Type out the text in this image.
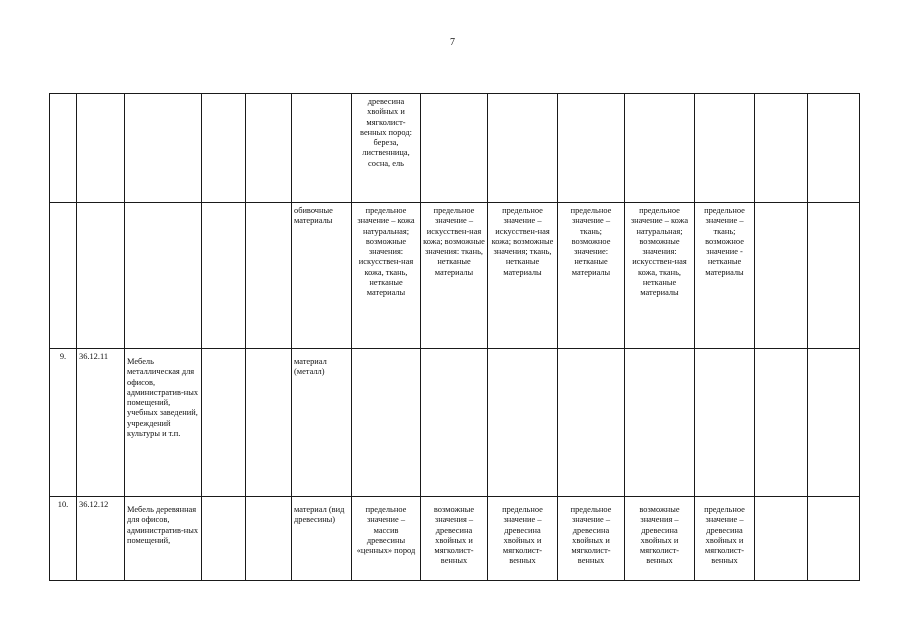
7
						древесина хвойных и мягколист-венных пород: береза, лиственница, сосна, ель							
					обивочные материалы	предельное значение – кожа натуральная; возможные значения: искусствен-ная кожа, ткань, нетканые материалы	предельное значение – искусствен-ная кожа; возможные значения: ткань, нетканые материалы	предельное значение – искусствен-ная кожа; возможные значения; ткань, нетканые материалы	предельное значение – ткань; возможное значение: нетканые материалы	предельное значение – кожа натуральная; возможные значения: искусствен-ная кожа, ткань, нетканые материалы	предельное значение – ткань; возможное значение - нетканые материалы		
9.	36.12.11	Мебель металлическая для офисов, административ-ных помещений, учебных заведений, учреждений культуры и т.п.			материал (металл)								
10.	36.12.12	Мебель деревянная для офисов, административ-ных помещений,			материал (вид древесины)	предельное значение – массив древесины «ценных» пород	возможные значения – древесина хвойных и мягколист-венных	предельное значение – древесина хвойных и мягколист-венных	предельное значение – древесина хвойных и мягколист-венных	возможные значения – древесина хвойных и мягколист-венных	предельное значение – древесина хвойных и мягколист-венных		
